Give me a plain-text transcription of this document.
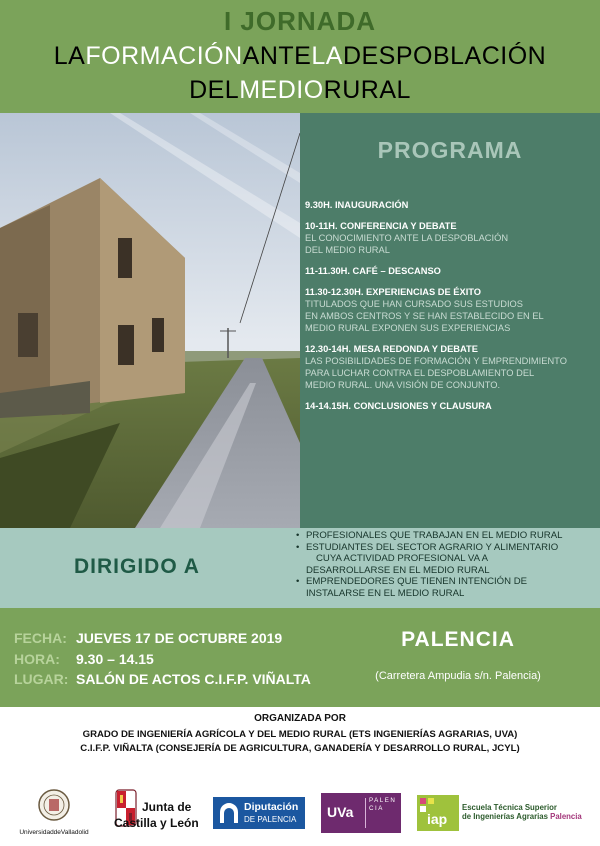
I JORNADA
LAFORMACIÓNANTELADESPOBLACIÓN
DELMEDIORURAL
PROGRAMA
9.30H. INAUGURACIÓN
10-11H. CONFERENCIA Y DEBATE
EL CONOCIMIENTO ANTE LA DESPOBLACIÓN
DEL MEDIO RURAL
11-11.30H. CAFÉ – DESCANSO
11.30-12.30H. EXPERIENCIAS DE ÉXITO
TITULADOS QUE HAN CURSADO SUS ESTUDIOS
EN AMBOS CENTROS Y SE HAN ESTABLECIDO EN EL
MEDIO RURAL EXPONEN SUS EXPERIENCIAS
12.30-14H. MESA REDONDA Y DEBATE
LAS POSIBILIDADES DE FORMACIÓN Y EMPRENDIMIENTO
PARA LUCHAR CONTRA EL DESPOBLAMIENTO DEL
MEDIO RURAL. UNA VISIÓN DE CONJUNTO.
14-14.15H. CONCLUSIONES Y CLAUSURA
DIRIGIDO A
• PROFESIONALES QUE TRABAJAN EN EL MEDIO RURAL
• ESTUDIANTES DEL SECTOR AGRARIO Y ALIMENTARIO
CUYA ACTIVIDAD PROFESIONAL VA A
DESARROLLARSE EN EL MEDIO RURAL
• EMPRENDEDORES QUE TIENEN INTENCIÓN DE
INSTALARSE EN EL MEDIO RURAL
FECHA: JUEVES 17 DE OCTUBRE 2019
HORA: 9.30 – 14.15
LUGAR: SALÓN DE ACTOS C.I.F.P. VIÑALTA
PALENCIA
(Carretera Ampudia s/n. Palencia)
ORGANIZADA POR
GRADO DE INGENIERÍA AGRÍCOLA Y DEL MEDIO RURAL (ETS INGENIERÍAS AGRARIAS, UVA)
C.I.F.P. VIÑALTA (CONSEJERÍA DE AGRICULTURA, GANADERÍA Y DESARROLLO RURAL, JCYL)
UniversidaddeValladolid
Junta de
Castilla y León
Diputación
DE PALENCIA UVa
PALENCIA
iap
Escuela Técnica Superior
de Ingenierías Agrarias Palencia
